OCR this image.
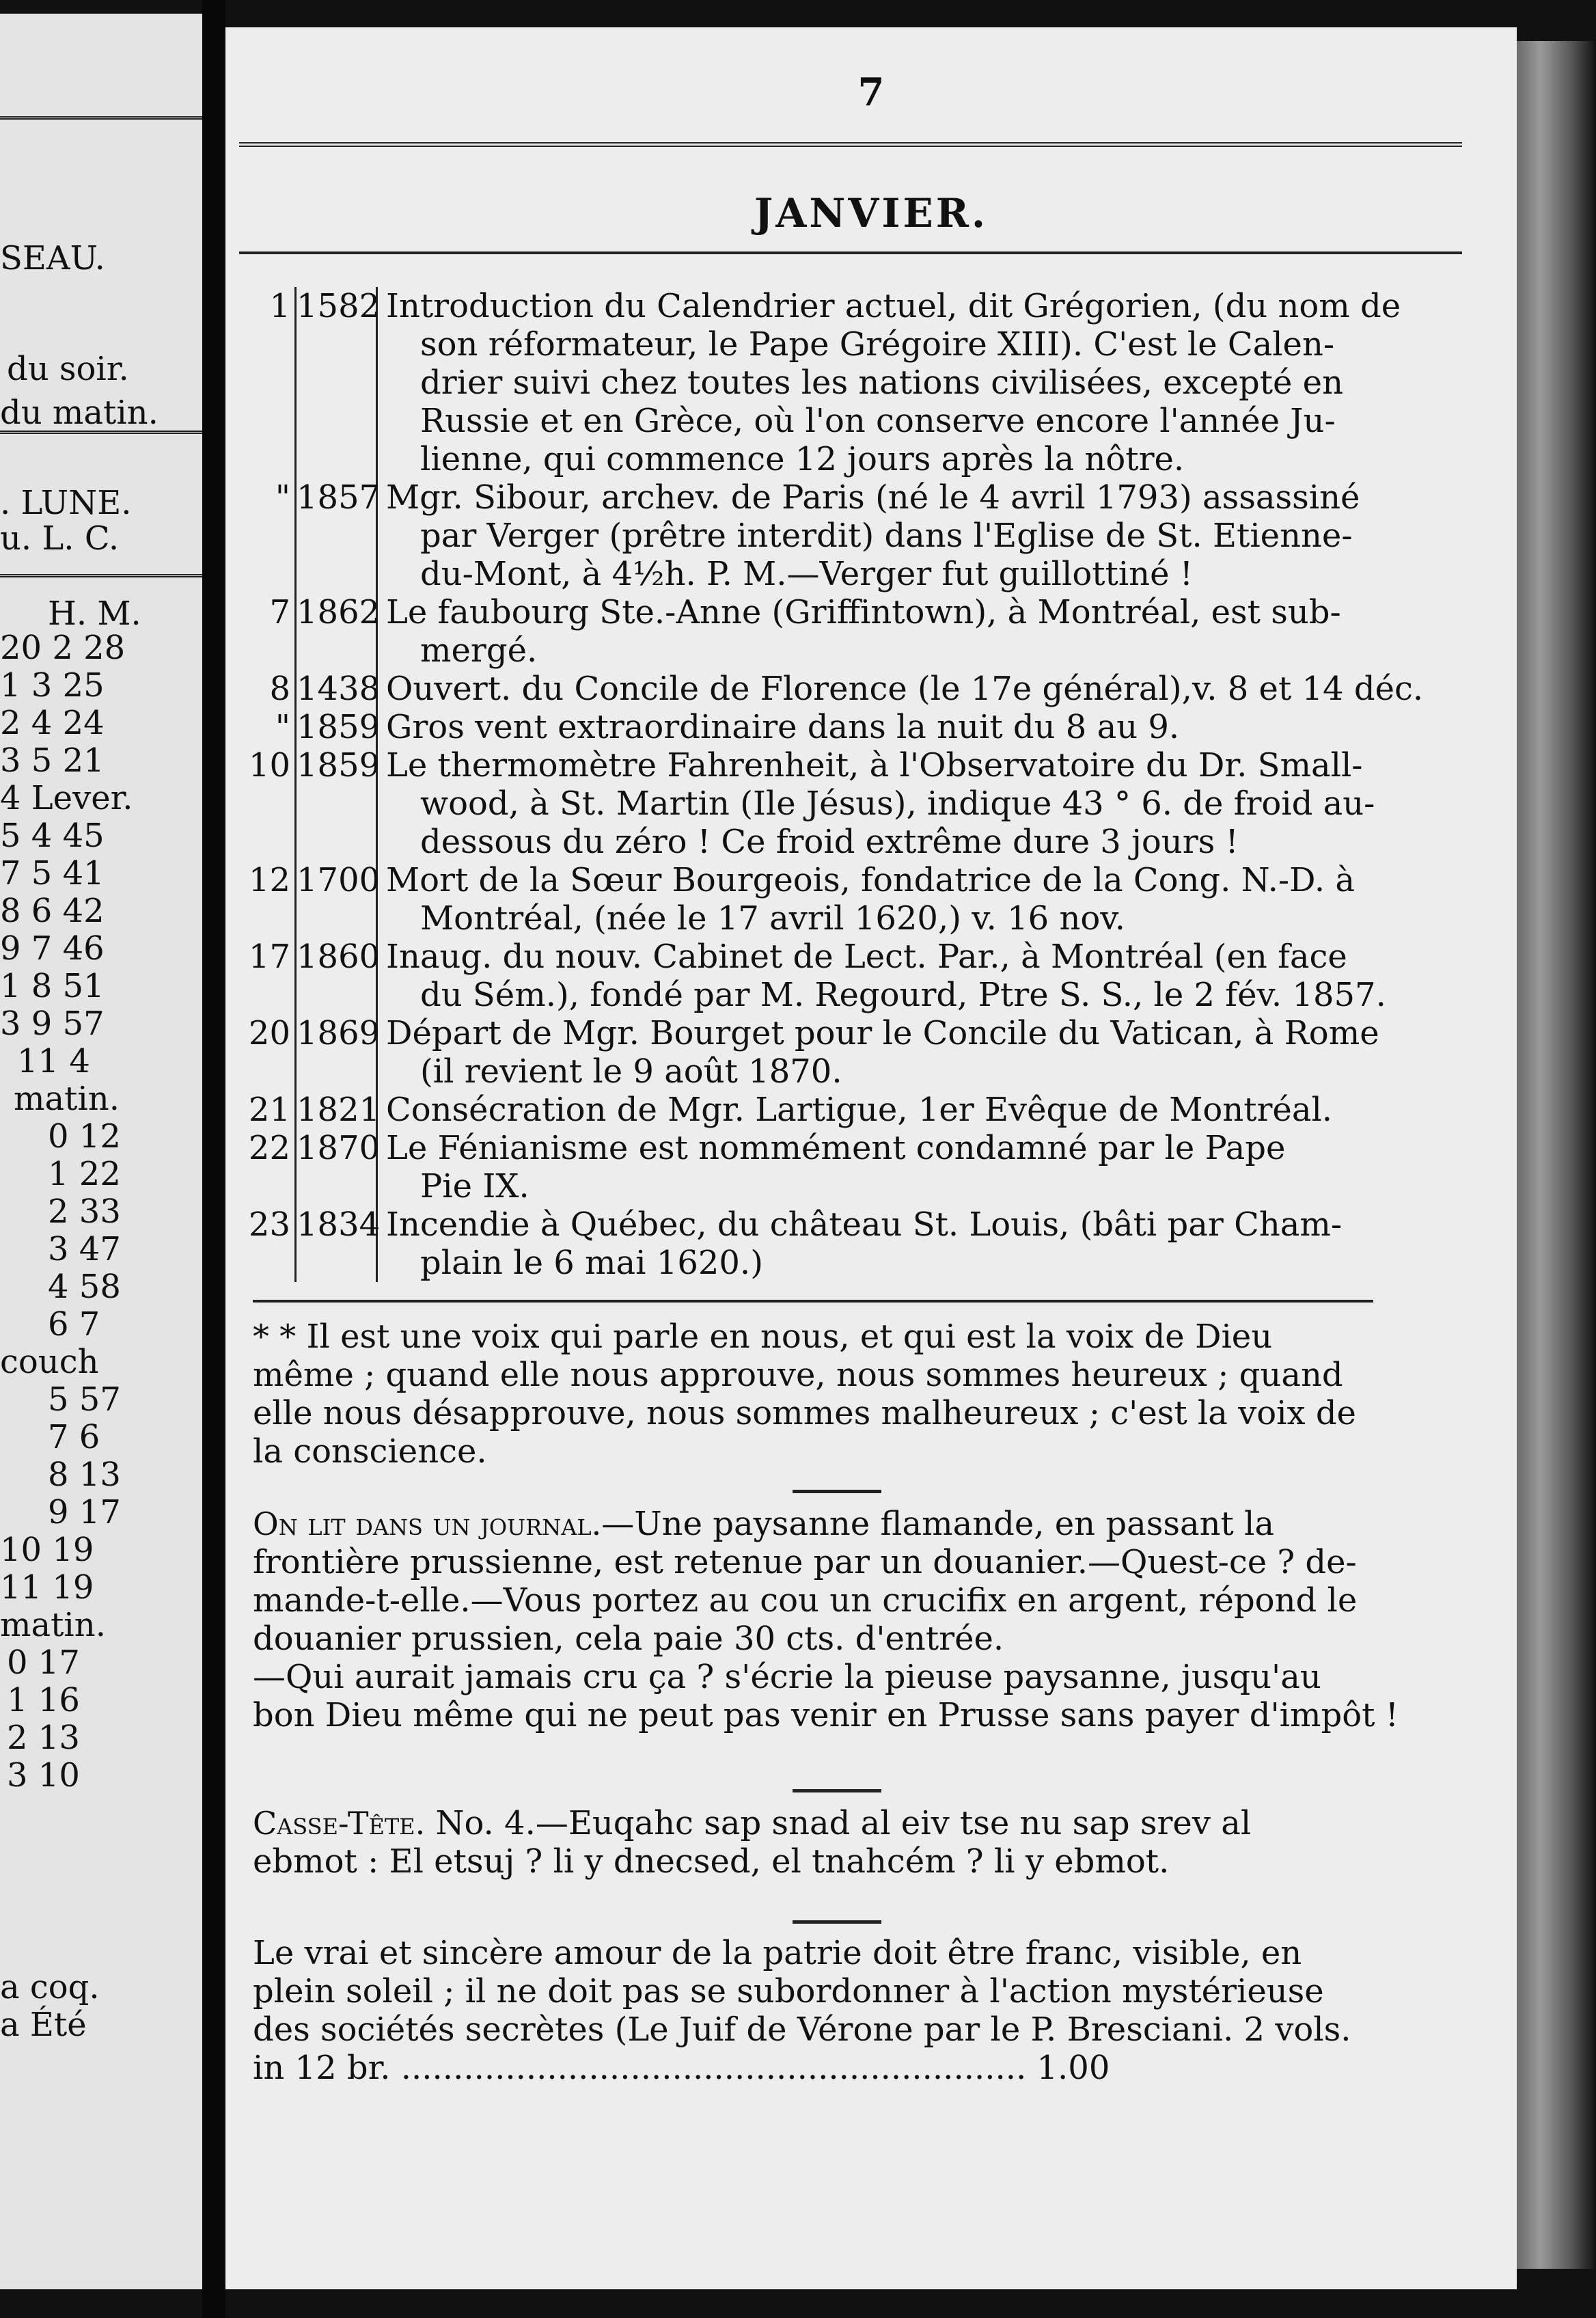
SEAU.
du soir.
du matin.
. LUNE.
u. L. C.
H. M.
20 2 28
1 3 25
2 4 24
3 5 21
4 Lever.
5 4 45
7 5 41
8 6 42
9 7 46
1 8 51
3 9 57
11 4
matin.
0 12
1 22
2 33
3 47
4 58
6 7
couch
5 57
7 6
8 13
9 17
10 19
11 19
matin.
0 17
1 16
2 13
3 10
a coq.
a Été
7
JANVIER.
1 1582 Introduction du Calendrier actuel, dit Grégorien, (du nom de
son réformateur, le Pape Grégoire XIII). C'est le Calen-
drier suivi chez toutes les nations civilisées, excepté en
Russie et en Grèce, où l'on conserve encore l'année Ju-
lienne, qui commence 12 jours après la nôtre.
" 1857 Mgr. Sibour, archev. de Paris (né le 4 avril 1793) assassiné
par Verger (prêtre interdit) dans l'Eglise de St. Etienne-
du-Mont, à 4½h. P. M.—Verger fut guillottiné !
7 1862 Le faubourg Ste.-Anne (Griffintown), à Montréal, est sub-
mergé.
8 1438 Ouvert. du Concile de Florence (le 17e général),v. 8 et 14 déc.
" 1859 Gros vent extraordinaire dans la nuit du 8 au 9.
10 1859 Le thermomètre Fahrenheit, à l'Observatoire du Dr. Small-
wood, à St. Martin (Ile Jésus), indique 43 ° 6. de froid au-
dessous du zéro ! Ce froid extrême dure 3 jours !
12 1700 Mort de la Sœur Bourgeois, fondatrice de la Cong. N.-D. à
Montréal, (née le 17 avril 1620,) v. 16 nov.
17 1860 Inaug. du nouv. Cabinet de Lect. Par., à Montréal (en face
du Sém.), fondé par M. Regourd, Ptre S. S., le 2 fév. 1857.
20 1869 Départ de Mgr. Bourget pour le Concile du Vatican, à Rome
(il revient le 9 août 1870.
21 1821 Consécration de Mgr. Lartigue, 1er Evêque de Montréal.
22 1870 Le Fénianisme est nommément condamné par le Pape
Pie IX.
23 1834 Incendie à Québec, du château St. Louis, (bâti par Cham-
plain le 6 mai 1620.)
* * Il est une voix qui parle en nous, et qui est la voix de Dieu
même ; quand elle nous approuve, nous sommes heureux ; quand
elle nous désapprouve, nous sommes malheureux ; c'est la voix de
la conscience.
On lit dans un journal.—Une paysanne flamande, en passant la
frontière prussienne, est retenue par un douanier.—Quest-ce ? de-
mande-t-elle.—Vous portez au cou un crucifix en argent, répond le
douanier prussien, cela paie 30 cts. d'entrée.
—Qui aurait jamais cru ça ? s'écrie la pieuse paysanne, jusqu'au
bon Dieu même qui ne peut pas venir en Prusse sans payer d'impôt !
Casse-Tête. No. 4.—Euqahc sap snad al eiv tse nu sap srev al
ebmot : El etsuj ? li y dnecsed, el tnahcém ? li y ebmot.
Le vrai et sincère amour de la patrie doit être franc, visible, en
plein soleil ; il ne doit pas se subordonner à l'action mystérieuse
des sociétés secrètes (Le Juif de Vérone par le P. Bresciani. 2 vols.
in 12 br. ............................................................ 1.00
